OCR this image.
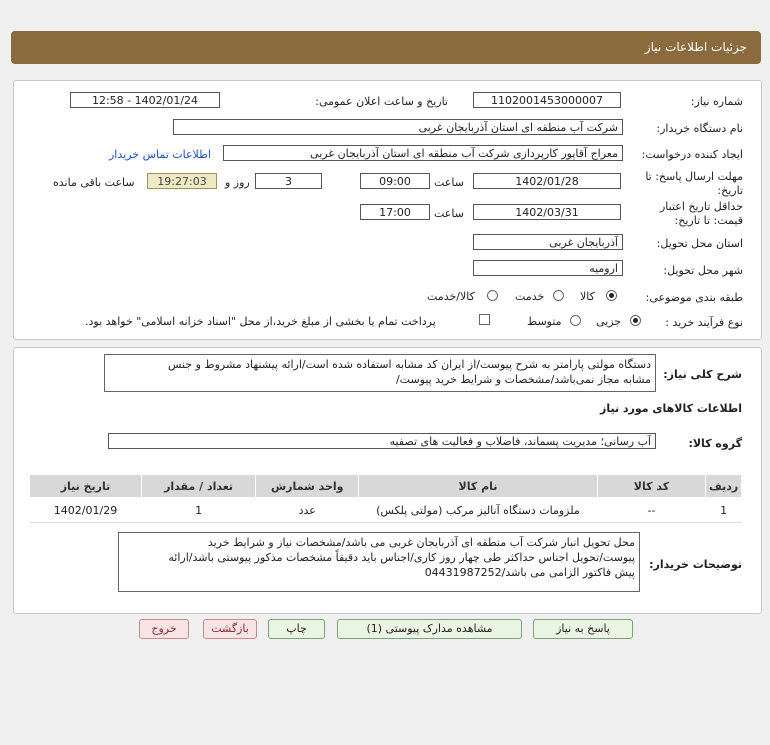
جزئیات اطلاعات نیاز
شماره نیاز:
1102001453000007
تاریخ و ساعت اعلان عمومی:
1402/01/24 - 12:58
نام دستگاه خریدار:
شرکت آب منطقه ای استان آذربایجان غربی
ایجاد کننده درخواست:
معراج آقاپور کارپردازی شرکت آب منطقه ای استان آذربایجان غربی
اطلاعات تماس خریدار
مهلت ارسال پاسخ: تا
تاریخ:
1402/01/28
ساعت
09:00
3
روز و
19:27:03
ساعت باقی مانده
حداقل تاریخ اعتبار
قیمت: تا تاریخ:
1402/03/31
ساعت
17:00
استان محل تحویل:
آذربایجان غربی
شهر محل تحویل:
ارومیه
طبقه بندی موضوعی:
کالا
خدمت
کالا/خدمت
نوع فرآیند خرید :
جزیی
متوسط
پرداخت تمام یا بخشی از مبلغ خرید،از محل "اسناد خزانه اسلامی" خواهد بود.
شرح کلی نیاز:
دستگاه مولتی پارامتر به شرح پیوست/از ایران کد مشابه استفاده شده است/ارائه پیشنهاد مشروط و جنس
مشابه مجاز نمی‌باشد/مشخصات و شرایط خرید پیوست/
اطلاعات کالاهای مورد نیاز
گروه کالا:
آب رسانی؛ مدیریت پسماند، فاضلاب و فعالیت های تصفیه
ردیف	کد کالا	نام کالا	واحد شمارش	تعداد / مقدار	تاریخ نیاز
1	--	ملزومات دستگاه آنالیز مرکب (مولتی پلکس)	عدد	1	1402/01/29
توضیحات خریدار:
محل تحویل انبار شرکت آب منطقه ای آذربایجان غربی می باشد/مشخصات نیاز و شرایط خرید
پیوست/تحویل اجناس حداکثر طی چهار روز کاری/اجناس باید دقیقاً مشخصات مذکور پیوستی باشد/ارائه
پیش فاکتور الزامی می باشد/04431987252
پاسخ به نیاز
مشاهده مدارک پیوستی (1)
چاپ
بازگشت
خروج
